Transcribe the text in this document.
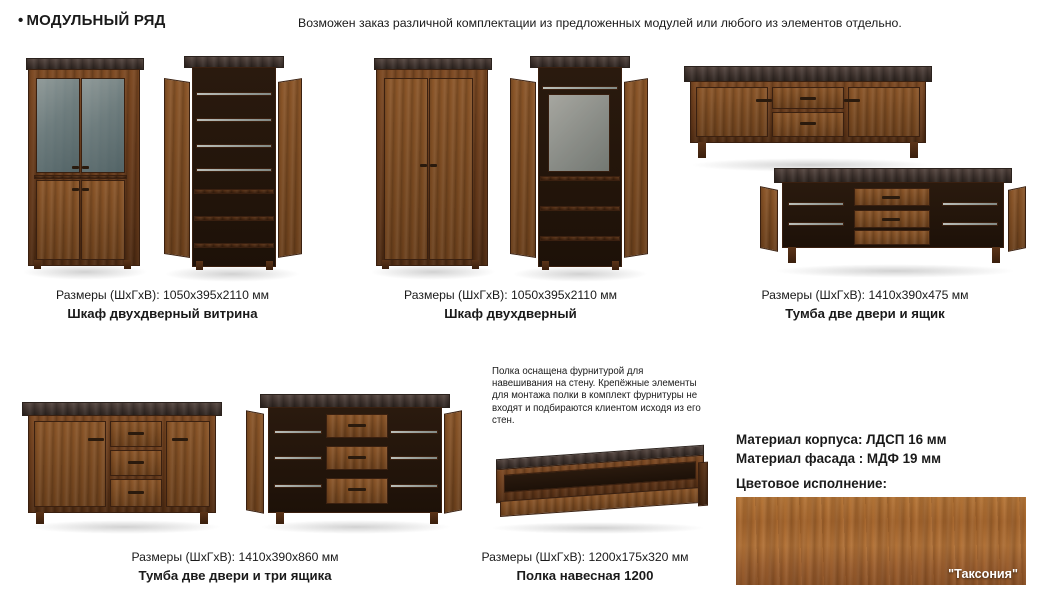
• МОДУЛЬНЫЙ РЯД	Возможен заказ различной комплектации из предложенных модулей или любого из элементов отдельно.
Размеры (ШхГхВ): 1050х395х2110 мм
Шкаф двухдверный витрина
Размеры (ШхГхВ): 1050х395х2110 мм
Шкаф двухдверный
Размеры (ШхГхВ): 1410х390х475 мм
Тумба две двери и ящик
Размеры (ШхГхВ): 1410х390х860 мм
Тумба две двери и три ящика
Полка оснащена фурнитурой для навешивания на стену. Крепёжные элементы для монтажа полки в комплект фурнитуры не входят и подбираются клиентом исходя из его стен.
Размеры (ШхГхВ): 1200х175х320 мм
Полка навесная 1200
Материал корпуса: ЛДСП 16 мм
Материал фасада : МДФ 19 мм
Цветовое исполнение:
"Таксония"
